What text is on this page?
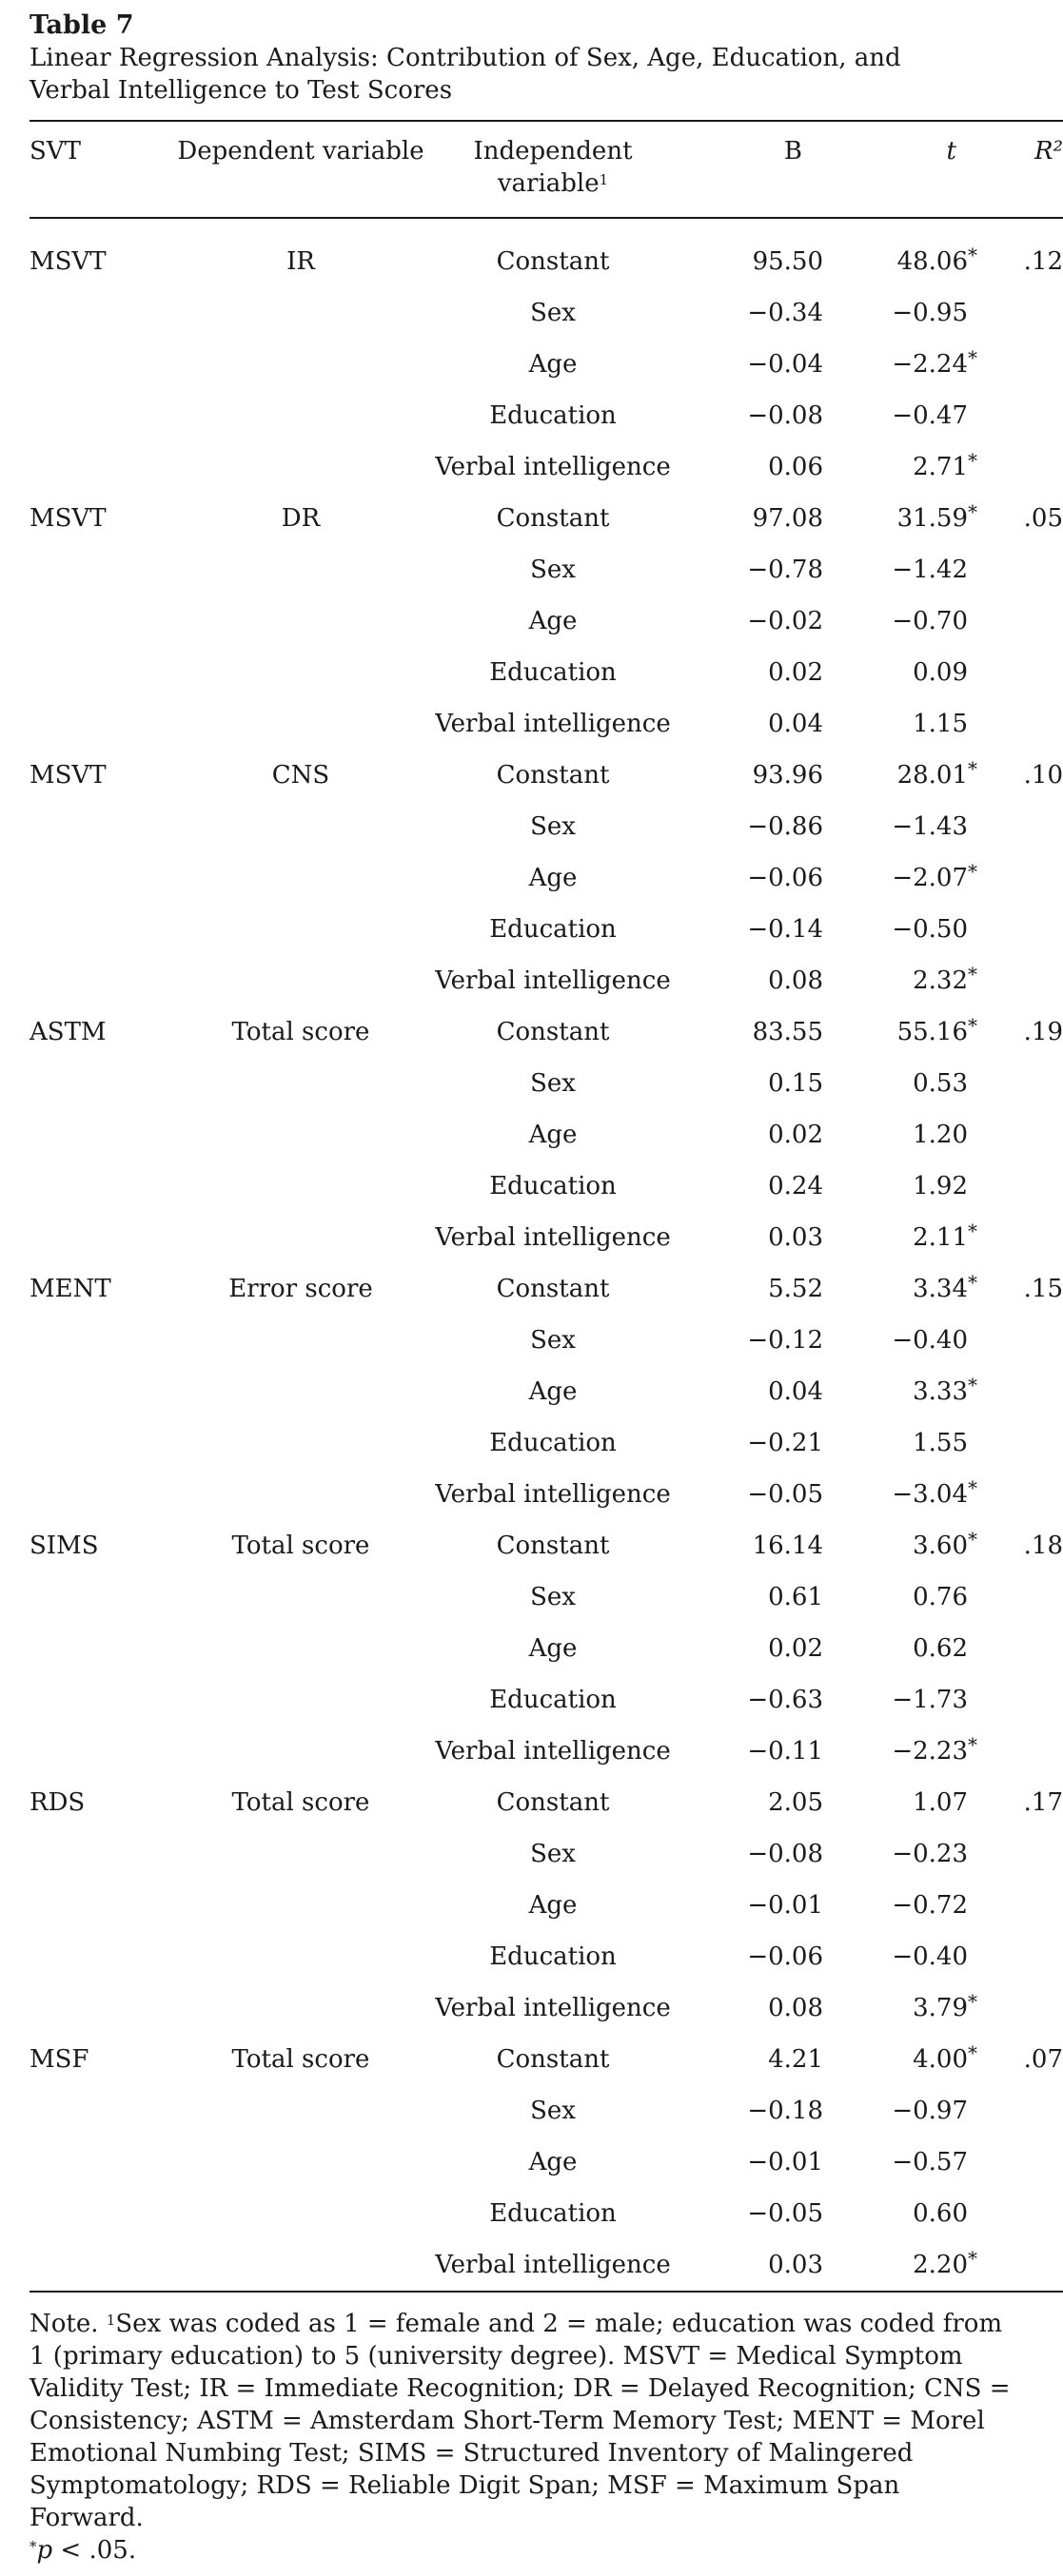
Table 7

Linear Regression Analysis: Contribution of Sex, Age, Education, and Verbal Intelligence to Test Scores

SVT	Dependent variable	Independent variable$^1$	B	t	R²

MSVT	IR	Constant	95.50	48.06*	.12
		Sex	−0.34	−0.95	
		Age	−0.04	−2.24*	
		Education	−0.08	−0.47	
		Verbal intelligence	0.06	2.71*	
MSVT	DR	Constant	97.08	31.59*	.05
		Sex	−0.78	−1.42	
		Age	−0.02	−0.70	
		Education	0.02	0.09	
		Verbal intelligence	0.04	1.15	
MSVT	CNS	Constant	93.96	28.01*	.10
		Sex	−0.86	−1.43	
		Age	−0.06	−2.07*	
		Education	−0.14	−0.50	
		Verbal intelligence	0.08	2.32*	
ASTM	Total score	Constant	83.55	55.16*	.19
		Sex	0.15	0.53	
		Age	0.02	1.20	
		Education	0.24	1.92	
		Verbal intelligence	0.03	2.11*	
MENT	Error score	Constant	5.52	3.34*	.15
		Sex	−0.12	−0.40	
		Age	0.04	3.33*	
		Education	−0.21	1.55	
		Verbal intelligence	−0.05	−3.04*	
SIMS	Total score	Constant	16.14	3.60*	.18
		Sex	0.61	0.76	
		Age	0.02	0.62	
		Education	−0.63	−1.73	
		Verbal intelligence	−0.11	−2.23*	
RDS	Total score	Constant	2.05	1.07	.17
		Sex	−0.08	−0.23	
		Age	−0.01	−0.72	
		Education	−0.06	−0.40	
		Verbal intelligence	0.08	3.79*	
MSF	Total score	Constant	4.21	4.00*	.07
		Sex	−0.18	−0.97	
		Age	−0.01	−0.57	
		Education	−0.05	0.60	
		Verbal intelligence	0.03	2.20*	
Note. $^1$Sex was coded as 1 = female and 2 = male; education was coded from 1 (primary education) to 5 (university degree). MSVT = Medical Symptom Validity Test; IR = Immediate Recognition; DR = Delayed Recognition; CNS = Consistency; ASTM = Amsterdam Short-Term Memory Test; MENT = Morel Emotional Numbing Test; SIMS = Structured Inventory of Malingered Symptomatology; RDS = Reliable Digit Span; MSF = Maximum Span Forward.
*p < .05.
